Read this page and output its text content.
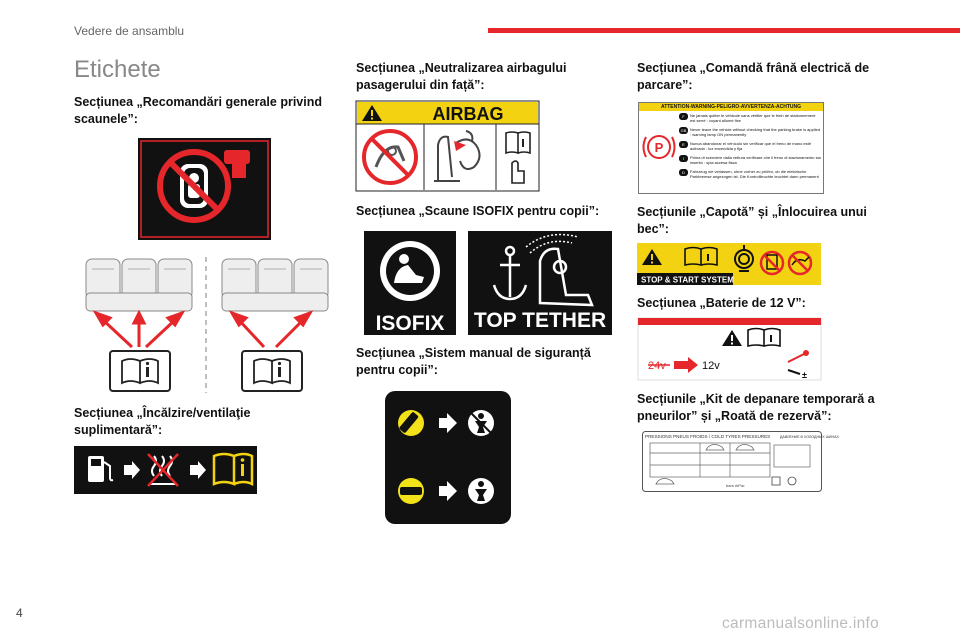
Vedere de ansamblu
Etichete
Secțiunea „Recomandări generale privind scaunele”:
Secțiunea „Încălzire/ventilaţie suplimentară”:
Secțiunea „Neutralizarea airbagului pasagerului din față”:
AIRBAG
Secțiunea „Scaune ISOFIX pentru copii”:
ISOFIX TOP TETHER
Secțiunea „Sistem manual de siguranță pentru copii”:
Secțiunea „Comandă frână electrică de parcare”:
ATTENTION-WARNING-PELIGRO-AVVERTENZA-ACHTUNG
P
F	Ne jamais quitter le véhicule sans vérifier que le frein de stationnement est serré : voyant allumé fixe
GB Never leave the vehicle without checking that the parking brake is applied : warning lamp ON permanently
E	Nunca abandonar el vehículo sin verificar que el freno de mano esté activado : luz encendida y fija
I	Prima di scendere dalla vettura verificare che il freno di stazionamento sia inserito : spia accesa fissa
D	Fahrzeug nie verlassen, ohne vorher zu prüfen, ob die elektrische Parkbremse angezogen ist. Die Kontrollleuchte leuchtet dann permanent
Secțiunile „Capotă” și „Înlocuirea unui bec”:
STOP & START SYSTEM
Secțiunea „Baterie de 12 V”:
24v	12v
±
Secțiunile „Kit de depanare temporară a pneurilor” și „Roată de rezervă”:
PRESSIONS PNEUS FROIDS / COLD TYRES PRESSURES	ДАВЛЕНИЕ В ХОЛОДНЫХ ШИНАХ
bars •kPa•
4
carmanualsonline.info
